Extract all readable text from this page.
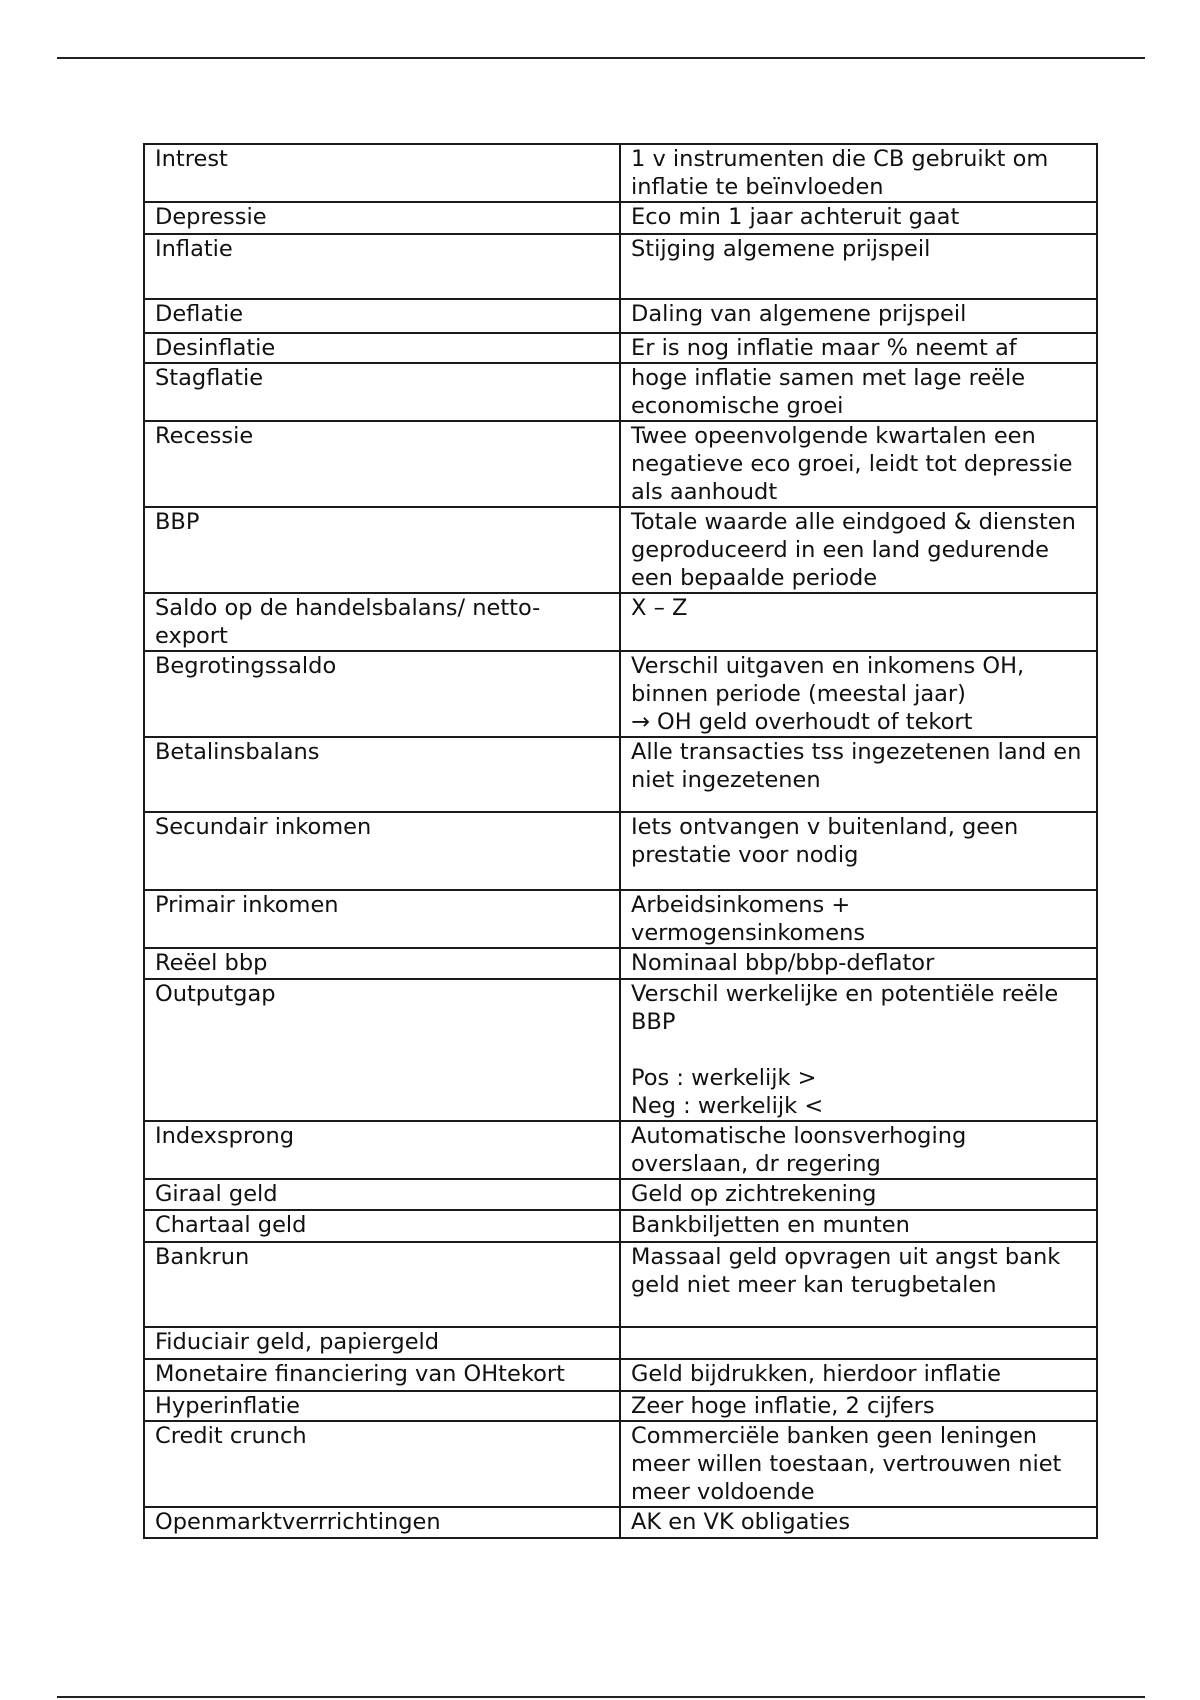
Intrest	1 v instrumenten die CB gebruikt om inflatie te beïnvloeden

Depressie	Eco min 1 jaar achteruit gaat

Inflatie	Stijging algemene prijspeil

Deflatie	Daling van algemene prijspeil

Desinflatie	Er is nog inflatie maar % neemt af

Stagflatie	hoge inflatie samen met lage reële economische groei

Recessie	Twee opeenvolgende kwartalen een negatieve eco groei, leidt tot depressie als aanhoudt

BBP	Totale waarde alle eindgoed & diensten geproduceerd in een land gedurende een bepaalde periode

Saldo op de handelsbalans/ netto-export	X – Z

Begrotingssaldo	Verschil uitgaven en inkomens OH, binnen periode (meestal jaar)
→ OH geld overhoudt of tekort

Betalinsbalans	Alle transacties tss ingezetenen land en niet ingezetenen

Secundair inkomen	Iets ontvangen v buitenland, geen prestatie voor nodig

Primair inkomen	Arbeidsinkomens + vermogensinkomens

Reëel bbp	Nominaal bbp/bbp-deflator

Outputgap	Verschil werkelijke en potentiële reële BBP
Pos : werkelijk >
Neg : werkelijk <

Indexsprong	Automatische loonsverhoging overslaan, dr regering

Giraal geld	Geld op zichtrekening

Chartaal geld	Bankbiljetten en munten

Bankrun	Massaal geld opvragen uit angst bank geld niet meer kan terugbetalen

Fiduciair geld, papiergeld	
Monetaire financiering van OHtekort	Geld bijdrukken, hierdoor inflatie

Hyperinflatie	Zeer hoge inflatie, 2 cijfers

Credit crunch	Commerciële banken geen leningen meer willen toestaan, vertrouwen niet meer voldoende

Openmarktverrrichtingen	AK en VK obligaties
